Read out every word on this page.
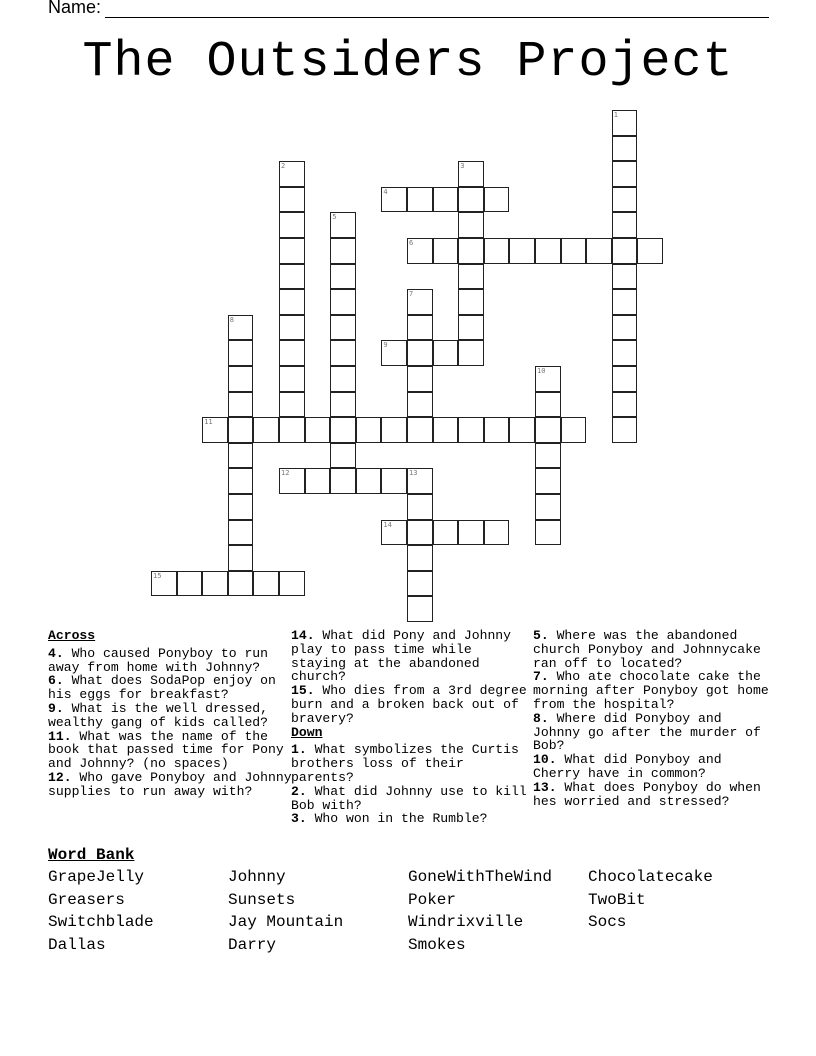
Name:
The Outsiders Project
1
2	3
4
5
6
7
8
9
10
11
12	13
14
15
Across
4. Who caused Ponyboy to run away from home with Johnny?
6. What does SodaPop enjoy on his eggs for breakfast?
9. What is the well dressed, wealthy gang of kids called?
11. What was the name of the book that passed time for Pony and Johnny? (no spaces)
12. Who gave Ponyboy and Johnny supplies to run away with?
14. What did Pony and Johnny play to pass time while staying at the abandoned church?
15. Who dies from a 3rd degree burn and a broken back out of bravery?
Down
1. What symbolizes the Curtis brothers loss of their parents?
2. What did Johnny use to kill Bob with?
3. Who won in the Rumble?
5. Where was the abandoned church Ponyboy and Johnnycake ran off to located?
7. Who ate chocolate cake the morning after Ponyboy got home from the hospital?
8. Where did Ponyboy and Johnny go after the murder of Bob?
10. What did Ponyboy and Cherry have in common?
13. What does Ponyboy do when hes worried and stressed?
Word Bank
GrapeJelly	Johnny	GoneWithTheWind	Chocolatecake
Greasers	Sunsets	Poker	TwoBit
Switchblade	Jay Mountain	Windrixville	Socs
Dallas	Darry	Smokes
